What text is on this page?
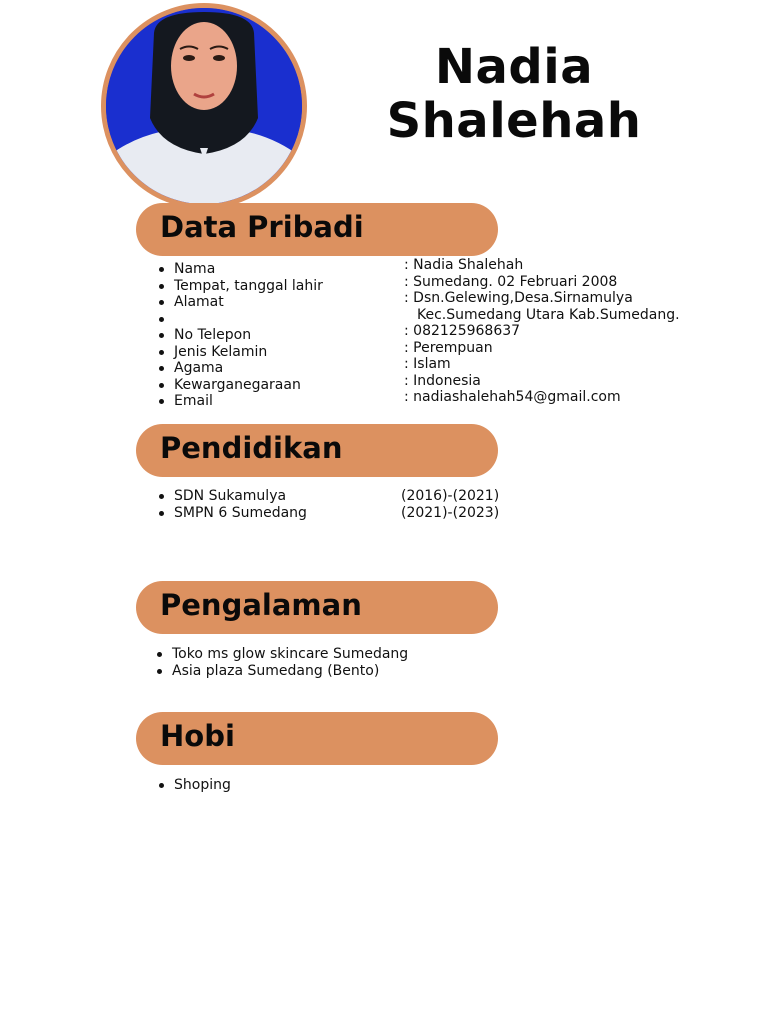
Nadia
Shalehah
Data Pribadi
Nama
Tempat, tanggal lahir
Alamat
No Telepon
Jenis Kelamin
Agama
Kewarganegaraan
Email
: Nadia Shalehah
: Sumedang. 02 Februari 2008
: Dsn.Gelewing,Desa.Sirnamulya
Kec.Sumedang Utara Kab.Sumedang.
: 082125968637
: Perempuan
: Islam
: Indonesia
: nadiashalehah54@gmail.com
Pendidikan
SDN Sukamulya
SMPN 6 Sumedang
(2016)-(2021)
(2021)-(2023)
Pengalaman
Toko ms glow skincare Sumedang
Asia plaza Sumedang (Bento)
Hobi
Shoping
